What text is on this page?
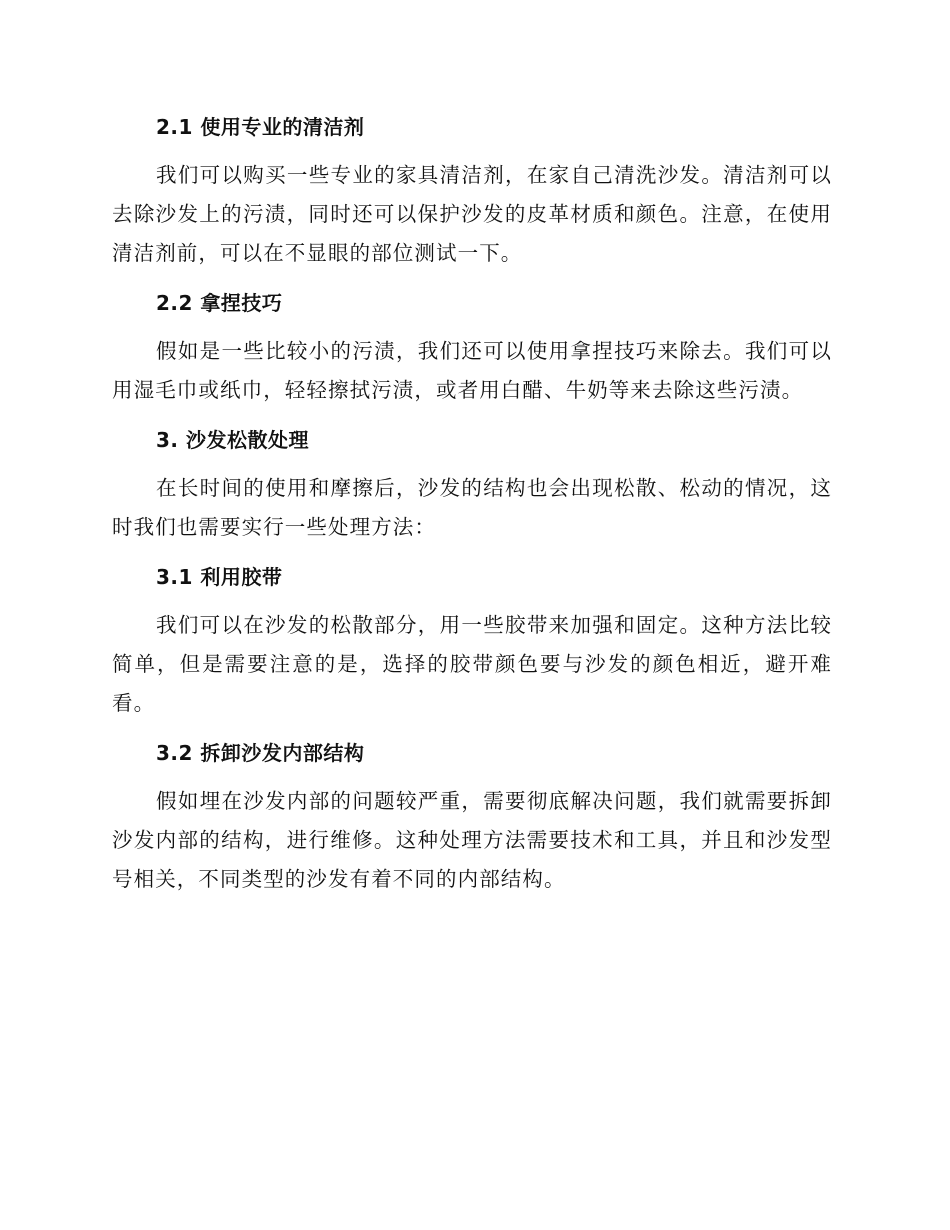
2.1 使用专业的清洁剂

我们可以购买一些专业的家具清洁剂，在家自己清洗沙发。清洁剂可以去除沙发上的污渍，同时还可以保护沙发的皮革材质和颜色。注意，在使用清洁剂前，可以在不显眼的部位测试一下。

2.2 拿捏技巧

假如是一些比较小的污渍，我们还可以使用拿捏技巧来除去。我们可以用湿毛巾或纸巾，轻轻擦拭污渍，或者用白醋、牛奶等来去除这些污渍。

3. 沙发松散处理

在长时间的使用和摩擦后，沙发的结构也会出现松散、松动的情况，这时我们也需要实行一些处理方法：

3.1 利用胶带

我们可以在沙发的松散部分，用一些胶带来加强和固定。这种方法比较简单，但是需要注意的是，选择的胶带颜色要与沙发的颜色相近，避开难看。

3.2 拆卸沙发内部结构

假如埋在沙发内部的问题较严重，需要彻底解决问题，我们就需要拆卸沙发内部的结构，进行维修。这种处理方法需要技术和工具，并且和沙发型号相关，不同类型的沙发有着不同的内部结构。
